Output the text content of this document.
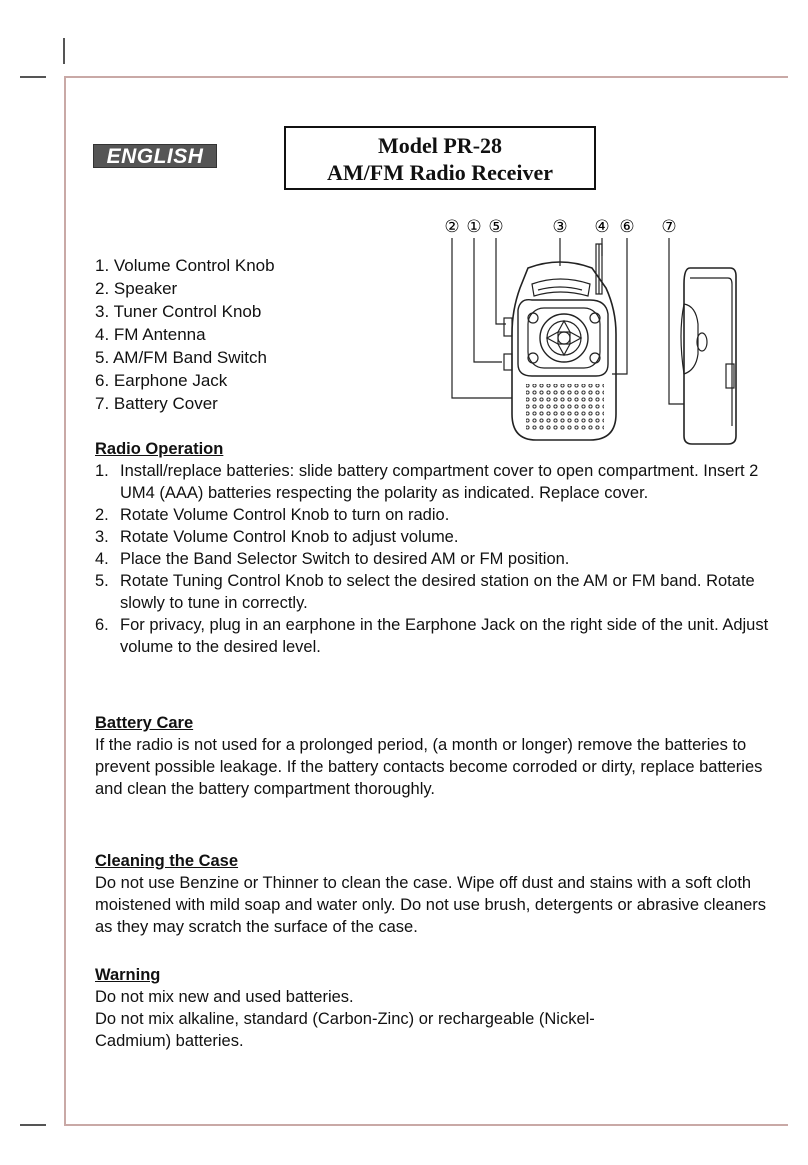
ENGLISH	Model PR-28
AM/FM Radio Receiver
1. Volume Control Knob
2. Speaker
3. Tuner Control Knob
4. FM Antenna
5. AM/FM Band Switch
6. Earphone Jack
7. Battery Cover
② ① ⑤	③ ④ ⑥ ⑦
Radio Operation
1. Install/replace batteries: slide battery compartment cover to open compartment. Insert 2 UM4 (AAA) batteries respecting the polarity as indicated. Replace cover.
2. Rotate Volume Control Knob to turn on radio.
3. Rotate Volume Control Knob to adjust volume.
4. Place the Band Selector Switch to desired AM or FM position.
5. Rotate Tuning Control Knob to select the desired station on the AM or FM band. Rotate slowly to tune in correctly.
6. For privacy, plug in an earphone in the Earphone Jack on the right side of the unit. Adjust volume to the desired level.
Battery Care

If the radio is not used for a prolonged period, (a month or longer) remove the batteries to prevent possible leakage. If the battery contacts become corroded or dirty, replace batteries and clean the battery compartment thoroughly.

Cleaning the Case

Do not use Benzine or Thinner to clean the case. Wipe off dust and stains with a soft cloth moistened with mild soap and water only. Do not use brush, detergents or abrasive cleaners as they may scratch the surface of the case.

Warning

Do not mix new and used batteries.

Do not mix alkaline, standard (Carbon-Zinc) or rechargeable (Nickel-Cadmium) batteries.
